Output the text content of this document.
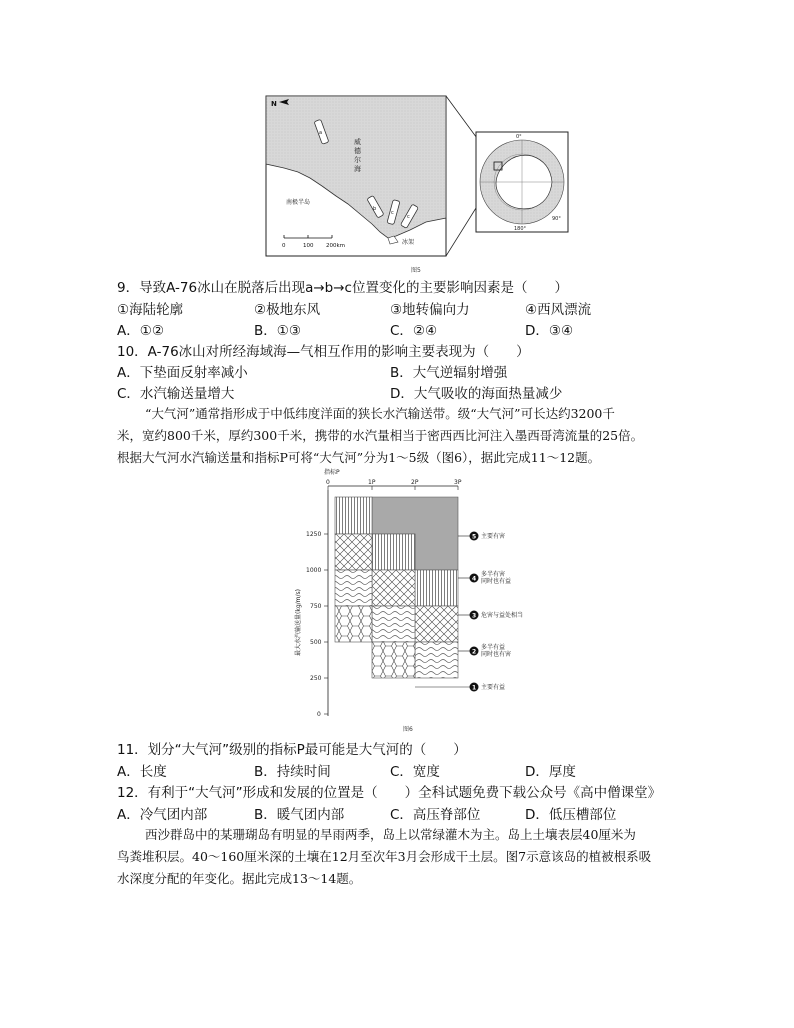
a
b
c
c
N
威 德 尔 海
南极半岛
冰架
0	100 200km
0°
90°
180°
图5
9．导致A-76冰山在脱落后出现a→b→c位置变化的主要影响因素是（　　）
①海陆轮廓	②极地东风	③地转偏向力	④西风漂流
A．①②	B．①③	C．②④	D．③④
10．A-76冰山对所经海域海—气相互作用的影响主要表现为（　　）
A．下垫面反射率减小	B．大气逆辐射增强
C．水汽输送量增大	D．大气吸收的海面热量减少
“大气河”通常指形成于中低纬度洋面的狭长水汽输送带。级“大气河”可长达约3200千
米，宽约800千米，厚约300千米，携带的水汽量相当于密西西比河注入墨西哥湾流量的25倍。
根据大气河水汽输送量和指标P可将“大气河”分为1～5级（图6），据此完成11～12题。
指标P
0	1P	2P	3P
1250
1000
750
500
250
0
最大水汽输送量(kg/m/s)
5 主要有害
4
多半有害同时也有益
3 危害与益处相当
2
多半有益同时也有害
1 主要有益
图6
11．划分“大气河”级别的指标P最可能是大气河的（　　）
A．长度	B．持续时间	C．宽度	D．厚度
12．有利于“大气河”形成和发展的位置是（　　）全科试题免费下载公众号《高中僧课堂》
A．冷气团内部	B．暖气团内部	C．高压脊部位	D．低压槽部位
西沙群岛中的某珊瑚岛有明显的旱雨两季，岛上以常绿灌木为主。岛上土壤表层40厘米为
鸟粪堆积层。40～160厘米深的土壤在12月至次年3月会形成干土层。图7示意该岛的植被根系吸
水深度分配的年变化。据此完成13～14题。
